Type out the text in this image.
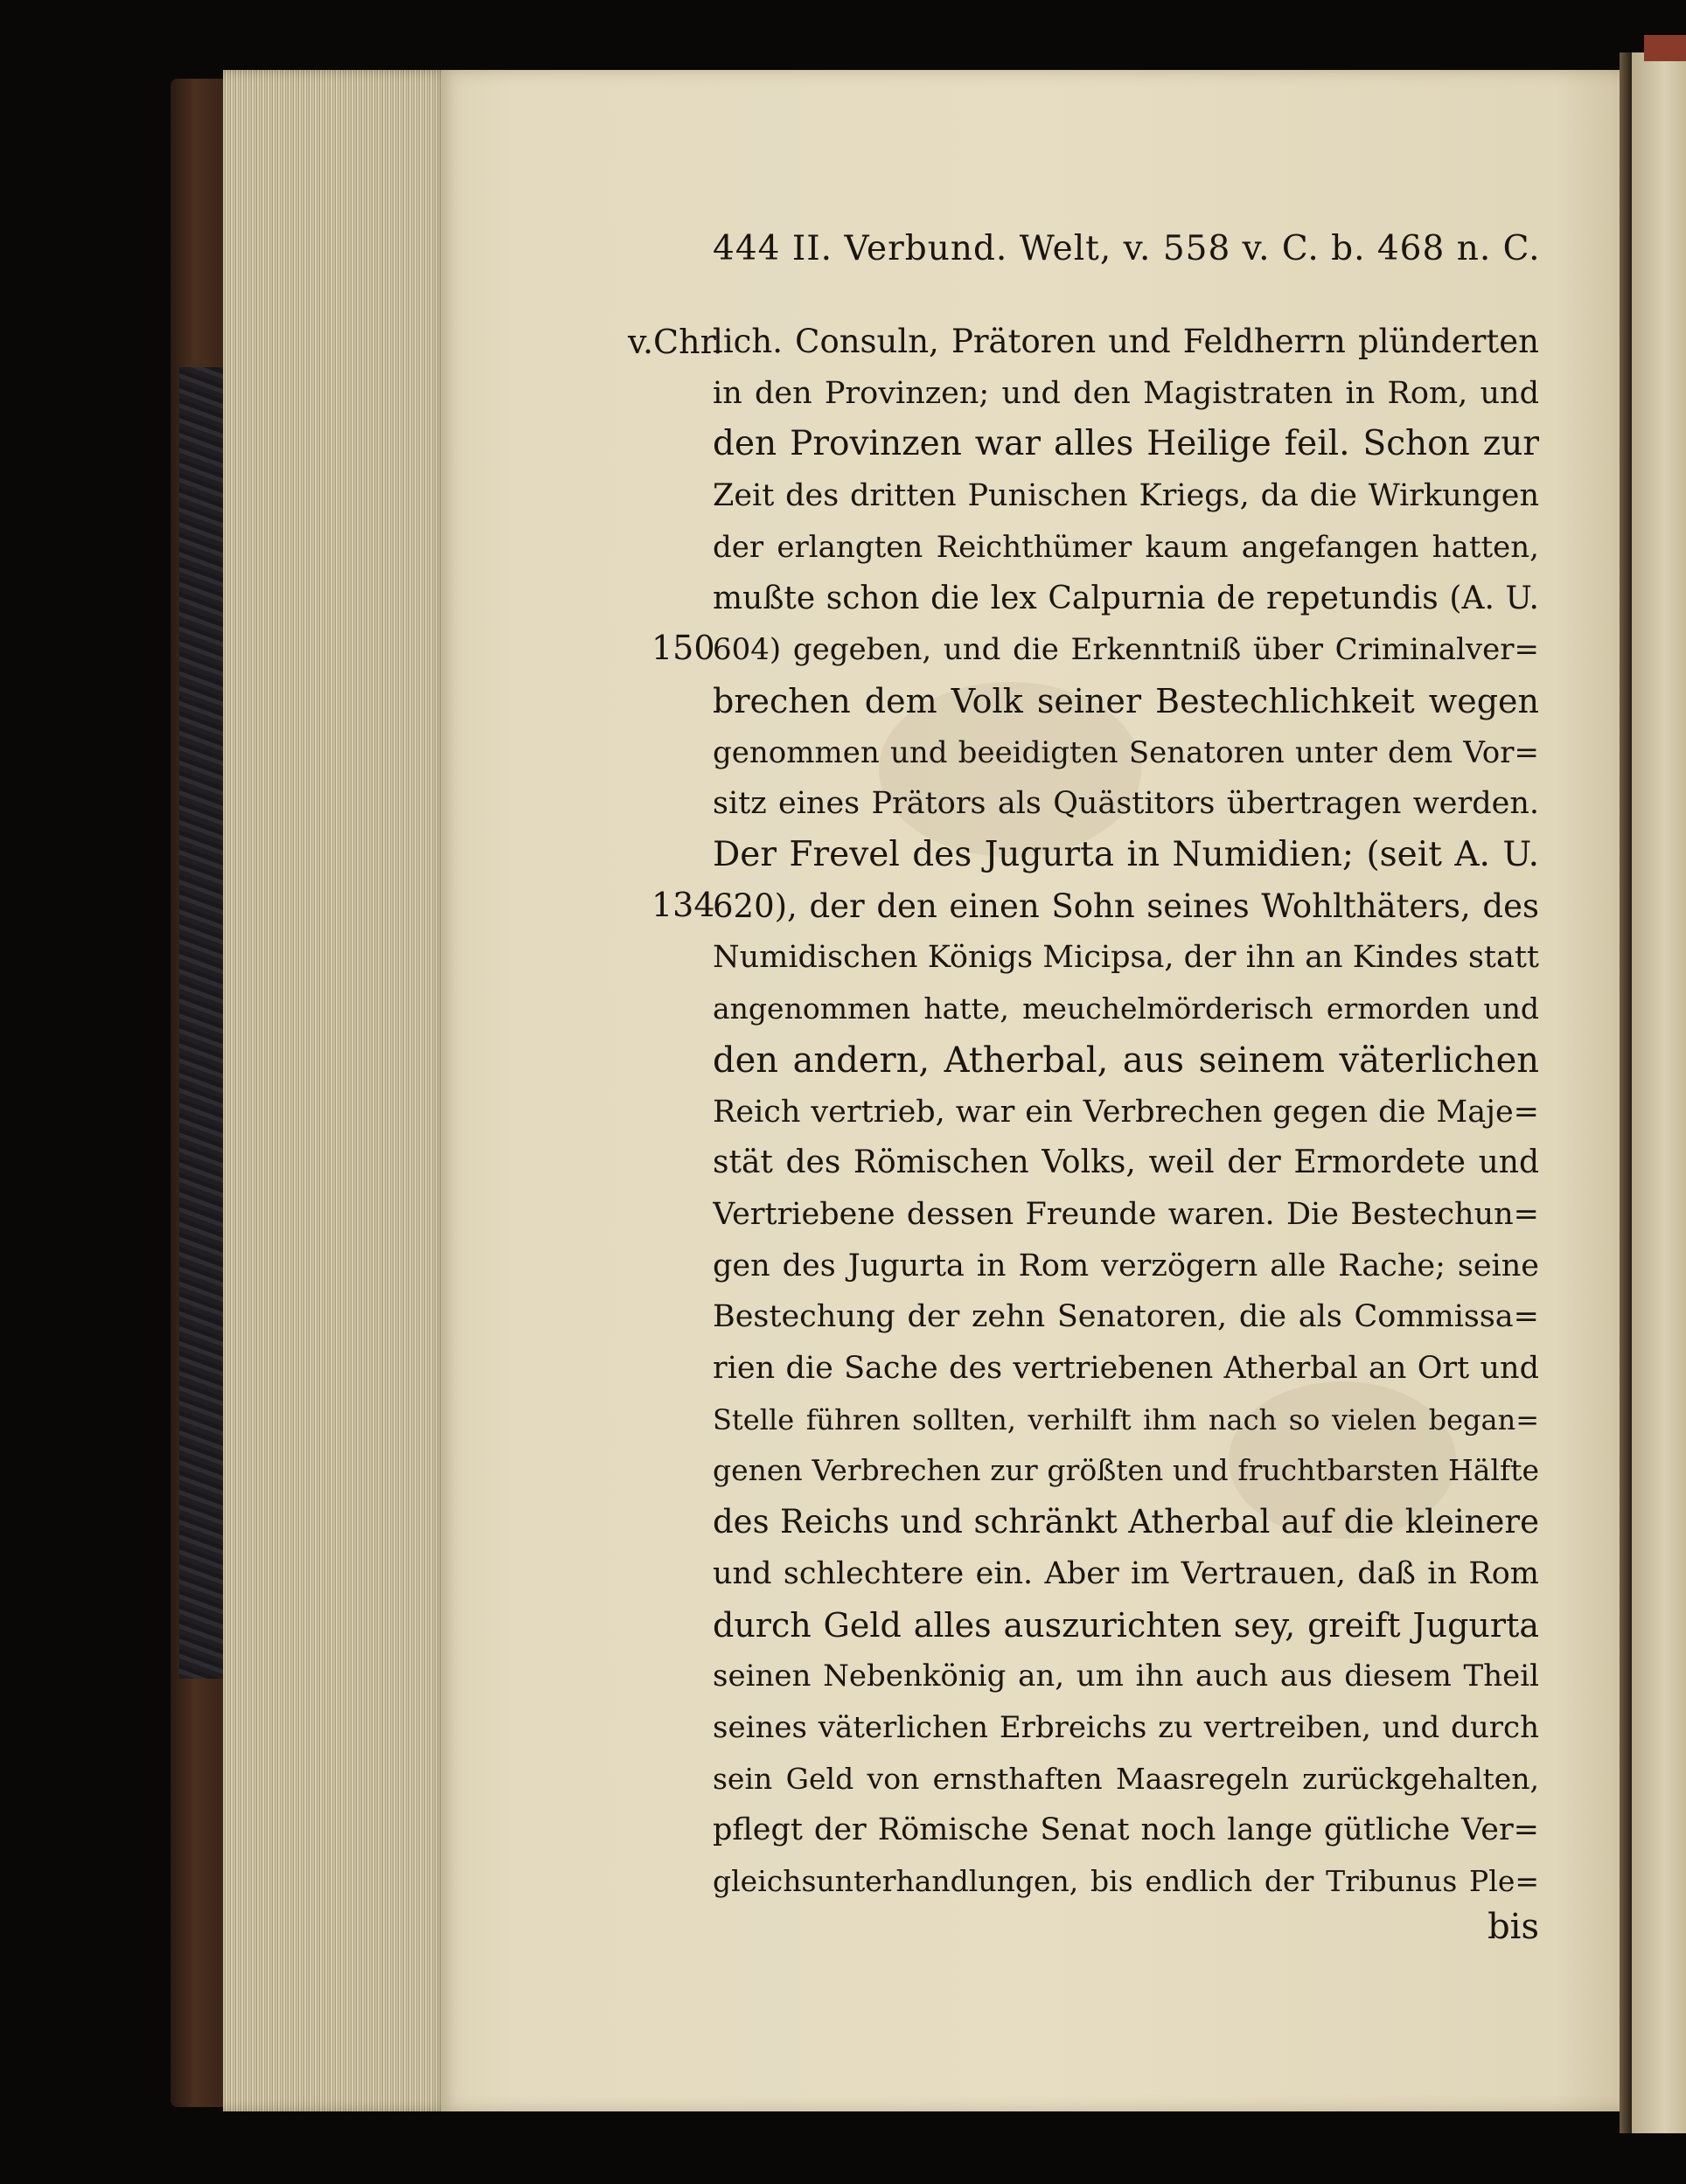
444 II. Verbund. Welt, v. 558 v. C. b. 468 n. C.
v.Chr.
150
134
lich. Consuln, Prätoren und Feldherrn plünderten
in den Provinzen; und den Magistraten in Rom, und
den Provinzen war alles Heilige feil. Schon zur
Zeit des dritten Punischen Kriegs, da die Wirkungen
der erlangten Reichthümer kaum angefangen hatten,
mußte schon die lex Calpurnia de repetundis (A. U.
604) gegeben, und die Erkenntniß über Criminalver=
brechen dem Volk seiner Bestechlichkeit wegen
genommen und beeidigten Senatoren unter dem Vor=
sitz eines Prätors als Quästitors übertragen werden.
Der Frevel des Jugurta in Numidien; (seit A. U.
620), der den einen Sohn seines Wohlthäters, des
Numidischen Königs Micipsa, der ihn an Kindes statt
angenommen hatte, meuchelmörderisch ermorden und
den andern, Atherbal, aus seinem väterlichen
Reich vertrieb, war ein Verbrechen gegen die Maje=
stät des Römischen Volks, weil der Ermordete und
Vertriebene dessen Freunde waren. Die Bestechun=
gen des Jugurta in Rom verzögern alle Rache; seine
Bestechung der zehn Senatoren, die als Commissa=
rien die Sache des vertriebenen Atherbal an Ort und
Stelle führen sollten, verhilft ihm nach so vielen began=
genen Verbrechen zur größten und fruchtbarsten Hälfte
des Reichs und schränkt Atherbal auf die kleinere
und schlechtere ein. Aber im Vertrauen, daß in Rom
durch Geld alles auszurichten sey, greift Jugurta
seinen Nebenkönig an, um ihn auch aus diesem Theil
seines väterlichen Erbreichs zu vertreiben, und durch
sein Geld von ernsthaften Maasregeln zurückgehalten,
pflegt der Römische Senat noch lange gütliche Ver=
gleichsunterhandlungen, bis endlich der Tribunus Ple=
bis
